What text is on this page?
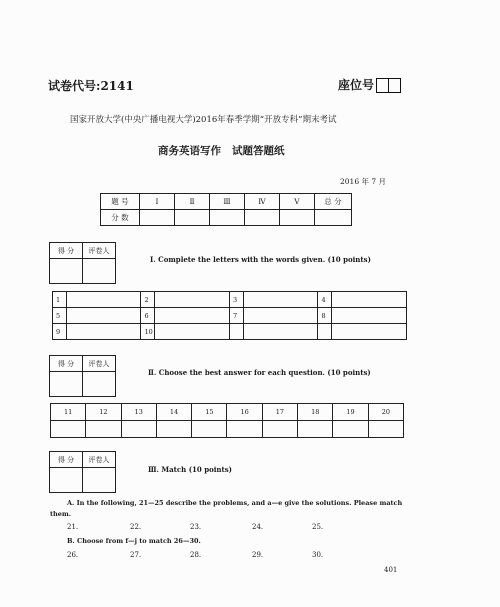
试卷代号:2141	座位号
国家开放大学(中央广播电视大学)2016年春季学期“开放专科”期末考试
商务英语写作   试题答题纸
2016 年 7 月
题 号	Ⅰ	Ⅱ	Ⅲ	Ⅳ	Ⅴ	总 分
分 数						
得 分	评卷人

Ⅰ. Complete the letters with the words given. (10 points)
1		2		3		4	
5		6		7		8	
9		10					
得 分	评卷人

Ⅱ. Choose the best answer for each question. (10 points)
11	12	13	14	15	16	17	18	19	20

得 分	评卷人

Ⅲ. Match (10 points)
A. In the following, 21—25 describe the problems, and a—e give the solutions. Please match them.
21.	22.	23.	24.	25.
B. Choose from f—j to match 26—30.
26.	27.	28.	29.	30.
401
